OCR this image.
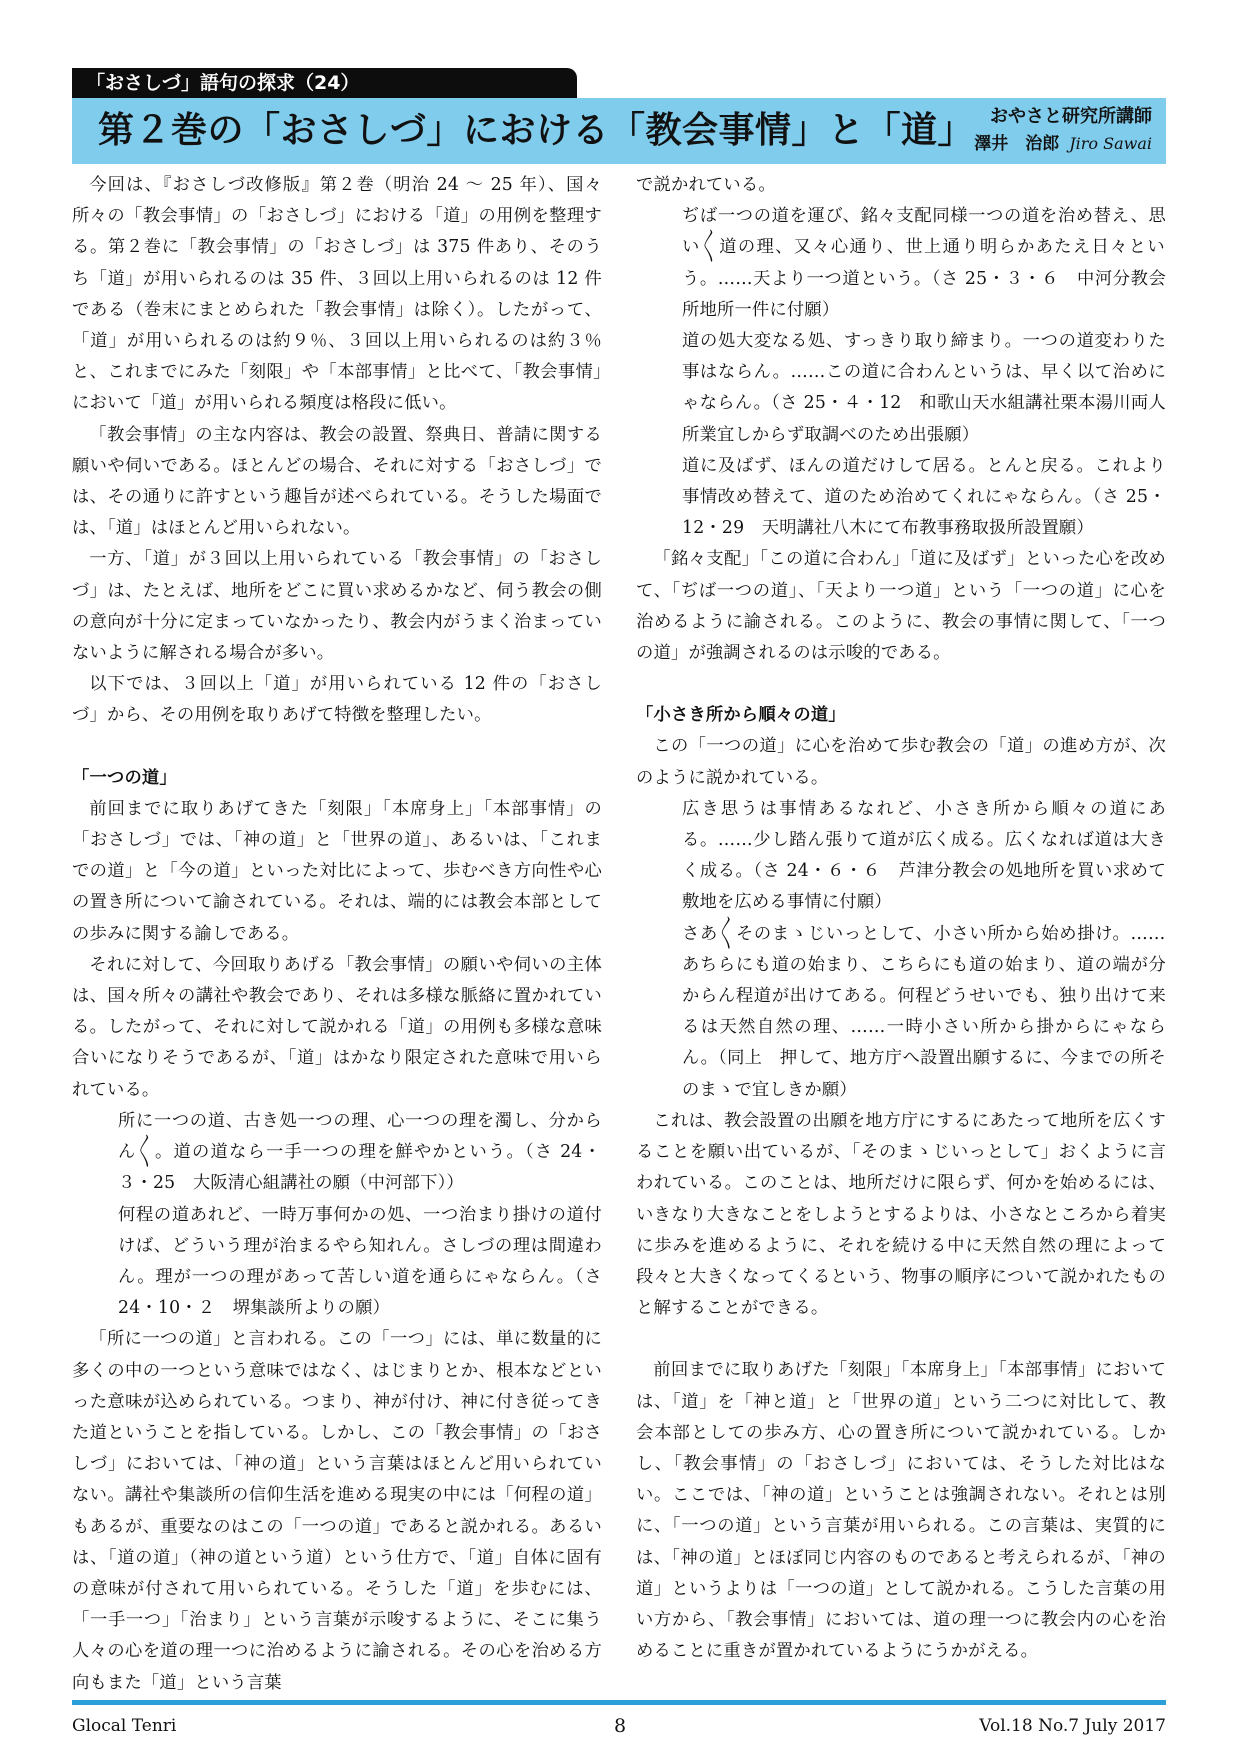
「おさしづ」語句の探求（24）
第２巻の「おさしづ」における「教会事情」と「道」 おやさと研究所講師
澤井　治郎 Jiro Sawai

今回は、『おさしづ改修版』第２巻（明治 24 〜 25 年）、国々所々の「教会事情」の「おさしづ」における「道」の用例を整理する。第２巻に「教会事情」の「おさしづ」は 375 件あり、そのうち「道」が用いられるのは 35 件、３回以上用いられるのは 12 件である（巻末にまとめられた「教会事情」は除く）。したがって、「道」が用いられるのは約９％、３回以上用いられるのは約３％と、これまでにみた「刻限」や「本部事情」と比べて、「教会事情」において「道」が用いられる頻度は格段に低い。

「教会事情」の主な内容は、教会の設置、祭典日、普請に関する願いや伺いである。ほとんどの場合、それに対する「おさしづ」では、その通りに許すという趣旨が述べられている。そうした場面では、「道」はほとんど用いられない。

一方、「道」が３回以上用いられている「教会事情」の「おさしづ」は、たとえば、地所をどこに買い求めるかなど、伺う教会の側の意向が十分に定まっていなかったり、教会内がうまく治まっていないように解される場合が多い。

以下では、３回以上「道」が用いられている 12 件の「おさしづ」から、その用例を取りあげて特徴を整理したい。

「一つの道」

前回までに取りあげてきた「刻限」「本席身上」「本部事情」の「おさしづ」では、「神の道」と「世界の道」、あるいは、「これまでの道」と「今の道」といった対比によって、歩むべき方向性や心の置き所について諭されている。それは、端的には教会本部としての歩みに関する諭しである。

それに対して、今回取りあげる「教会事情」の願いや伺いの主体は、国々所々の講社や教会であり、それは多様な脈絡に置かれている。したがって、それに対して説かれる「道」の用例も多様な意味合いになりそうであるが、「道」はかなり限定された意味で用いられている。

所に一つの道、古き処一つの理、心一つの理を濁し、分からん〳〵。道の道なら一手一つの理を鮮やかという。（さ 24・３・25　大阪清心組講社の願（中河部下））

何程の道あれど、一時万事何かの処、一つ治まり掛けの道付けば、どういう理が治まるやら知れん。さしづの理は間違わん。理が一つの理があって苦しい道を通らにゃならん。（さ 24・10・２　堺集談所よりの願）

「所に一つの道」と言われる。この「一つ」には、単に数量的に多くの中の一つという意味ではなく、はじまりとか、根本などといった意味が込められている。つまり、神が付け、神に付き従ってきた道ということを指している。しかし、この「教会事情」の「おさしづ」においては、「神の道」という言葉はほとんど用いられていない。講社や集談所の信仰生活を進める現実の中には「何程の道」もあるが、重要なのはこの「一つの道」であると説かれる。あるいは、「道の道」（神の道という道）という仕方で、「道」自体に固有の意味が付されて用いられている。そうした「道」を歩むには、「一手一つ」「治まり」という言葉が示唆するように、そこに集う人々の心を道の理一つに治めるように諭される。その心を治める方向もまた「道」という言葉

で説かれている。

ぢば一つの道を運び、銘々支配同様一つの道を治め替え、思い〳〵道の理、又々心通り、世上通り明らかあたえ日々という。……天より一つ道という。（さ 25・３・６　中河分教会所地所一件に付願）

道の処大変なる処、すっきり取り締まり。一つの道変わりた事はならん。……この道に合わんというは、早く以て治めにゃならん。（さ 25・４・12　和歌山天水組講社栗本湯川両人所業宜しからず取調べのため出張願）

道に及ばず、ほんの道だけして居る。とんと戻る。これより事情改め替えて、道のため治めてくれにゃならん。（さ 25・12・29　天明講社八木にて布教事務取扱所設置願）

「銘々支配」「この道に合わん」「道に及ばず」といった心を改めて、「ぢば一つの道」、「天より一つ道」という「一つの道」に心を治めるように諭される。このように、教会の事情に関して、「一つの道」が強調されるのは示唆的である。

「小さき所から順々の道」

この「一つの道」に心を治めて歩む教会の「道」の進め方が、次のように説かれている。

広き思うは事情あるなれど、小さき所から順々の道にある。……少し踏ん張りて道が広く成る。広くなれば道は大きく成る。（さ 24・６・６　芦津分教会の処地所を買い求めて敷地を広める事情に付願）

さあ〳〵そのまゝじいっとして、小さい所から始め掛け。……あちらにも道の始まり、こちらにも道の始まり、道の端が分からん程道が出けてある。何程どうせいでも、独り出けて来るは天然自然の理、……一時小さい所から掛からにゃならん。（同上　押して、地方庁へ設置出願するに、今までの所そのまゝで宜しきか願）

これは、教会設置の出願を地方庁にするにあたって地所を広くすることを願い出ているが、「そのまゝじいっとして」おくように言われている。このことは、地所だけに限らず、何かを始めるには、いきなり大きなことをしようとするよりは、小さなところから着実に歩みを進めるように、それを続ける中に天然自然の理によって段々と大きくなってくるという、物事の順序について説かれたものと解することができる。

前回までに取りあげた「刻限」「本席身上」「本部事情」においては、「道」を「神と道」と「世界の道」という二つに対比して、教会本部としての歩み方、心の置き所について説かれている。しかし、「教会事情」の「おさしづ」においては、そうした対比はない。ここでは、「神の道」ということは強調されない。それとは別に、「一つの道」という言葉が用いられる。この言葉は、実質的には、「神の道」とほぼ同じ内容のものであると考えられるが、「神の道」というよりは「一つの道」として説かれる。こうした言葉の用い方から、「教会事情」においては、道の理一つに教会内の心を治めることに重きが置かれているようにうかがえる。

Glocal Tenri	8	Vol.18 No.7 July 2017
